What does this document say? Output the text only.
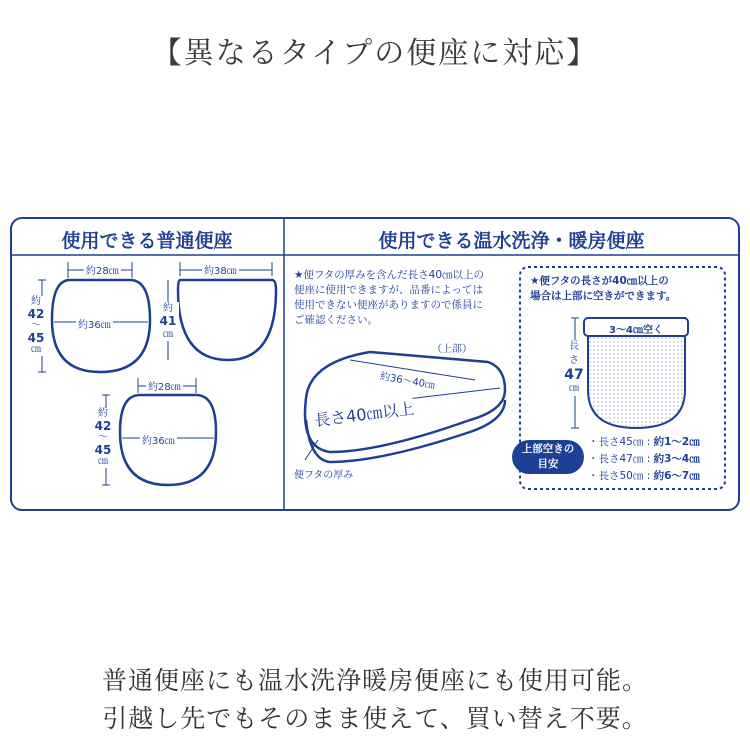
【異なるタイプの便座に対応】
使用できる普通便座	使用できる温水洗浄・暖房便座
約28㎝
約
42
〜
45
㎝
約36㎝
約38㎝
約
41
㎝
約28㎝
約
42
〜
45
㎝
約36㎝
★便フタの厚みを含んだ長さ40㎝以上の
便座に使用できますが、品番によっては
使用できない便座がありますので係員に
ご確認ください。
（上部）
約36〜40㎝
長さ40㎝以上
便フタの厚み
★便フタの長さが40㎝以上の
場合は上部に空きができます。
3〜4㎝空く
長
さ
47
㎝
上部空きの
目安
・長さ45㎝ : 約1〜2㎝
・長さ47㎝ : 約3〜4㎝
・長さ50㎝ : 約6〜7㎝
普通便座にも温水洗浄暖房便座にも使用可能。
引越し先でもそのまま使えて、買い替え不要。
